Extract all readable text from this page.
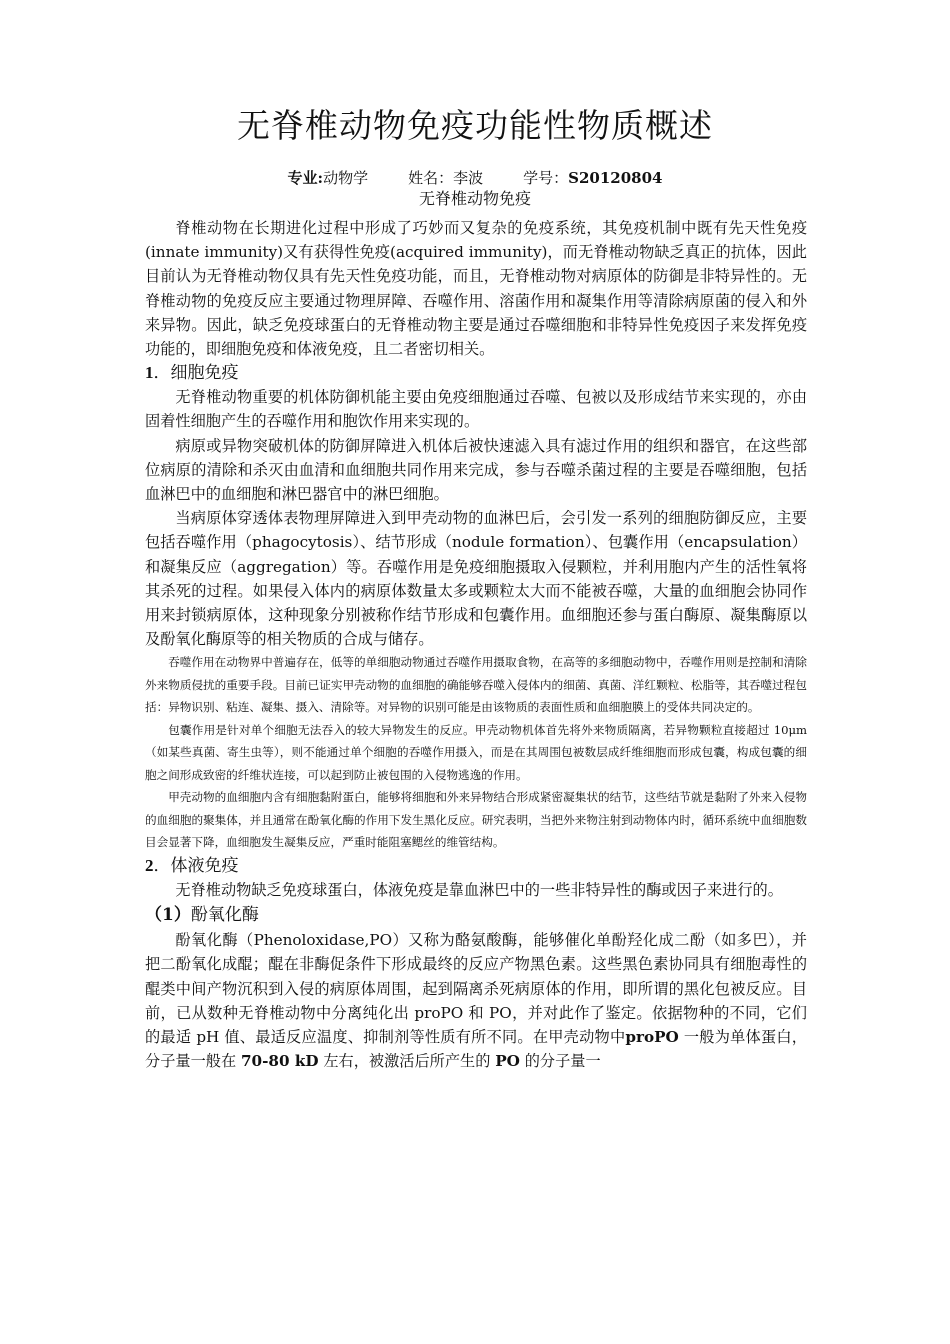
无脊椎动物免疫功能性物质概述
专业:动物学	姓名：李波	学号：S20120804
无脊椎动物免疫

脊椎动物在长期进化过程中形成了巧妙而又复杂的免疫系统，其免疫机制中既有先天性免疫(innate immunity)又有获得性免疫(acquired immunity)，而无脊椎动物缺乏真正的抗体，因此目前认为无脊椎动物仅具有先天性免疫功能，而且，无脊椎动物对病原体的防御是非特异性的。无脊椎动物的免疫反应主要通过物理屏障、吞噬作用、溶菌作用和凝集作用等清除病原菌的侵入和外来异物。因此，缺乏免疫球蛋白的无脊椎动物主要是通过吞噬细胞和非特异性免疫因子来发挥免疫功能的，即细胞免疫和体液免疫，且二者密切相关。

1．细胞免疫

无脊椎动物重要的机体防御机能主要由免疫细胞通过吞噬、包被以及形成结节来实现的，亦由固着性细胞产生的吞噬作用和胞饮作用来实现的。

病原或异物突破机体的防御屏障进入机体后被快速滤入具有滤过作用的组织和器官，在这些部位病原的清除和杀灭由血清和血细胞共同作用来完成，参与吞噬杀菌过程的主要是吞噬细胞，包括血淋巴中的血细胞和淋巴器官中的淋巴细胞。

当病原体穿透体表物理屏障进入到甲壳动物的血淋巴后，会引发一系列的细胞防御反应，主要包括吞噬作用（phagocytosis）、结节形成（nodule formation）、包囊作用（encapsulation）和凝集反应（aggregation）等。吞噬作用是免疫细胞摄取入侵颗粒，并利用胞内产生的活性氧将其杀死的过程。如果侵入体内的病原体数量太多或颗粒太大而不能被吞噬，大量的血细胞会协同作用来封锁病原体，这种现象分别被称作结节形成和包囊作用。血细胞还参与蛋白酶原、凝集酶原以及酚氧化酶原等的相关物质的合成与储存。

吞噬作用在动物界中普遍存在，低等的单细胞动物通过吞噬作用摄取食物，在高等的多细胞动物中，吞噬作用则是控制和清除外来物质侵扰的重要手段。目前已证实甲壳动物的血细胞的确能够吞噬入侵体内的细菌、真菌、洋红颗粒、松脂等，其吞噬过程包括：异物识别、粘连、凝集、摄入、清除等。对异物的识别可能是由该物质的表面性质和血细胞膜上的受体共同决定的。

包囊作用是针对单个细胞无法吞入的较大异物发生的反应。甲壳动物机体首先将外来物质隔离，若异物颗粒直接超过 10μm（如某些真菌、寄生虫等），则不能通过单个细胞的吞噬作用摄入，而是在其周围包被数层成纤维细胞而形成包囊，构成包囊的细胞之间形成致密的纤维状连接，可以起到防止被包围的入侵物逃逸的作用。

甲壳动物的血细胞内含有细胞黏附蛋白，能够将细胞和外来异物结合形成紧密凝集状的结节，这些结节就是黏附了外来入侵物的血细胞的聚集体，并且通常在酚氧化酶的作用下发生黑化反应。研究表明，当把外来物注射到动物体内时，循环系统中血细胞数目会显著下降，血细胞发生凝集反应，严重时能阻塞鳃丝的维管结构。

2．体液免疫

无脊椎动物缺乏免疫球蛋白，体液免疫是靠血淋巴中的一些非特异性的酶或因子来进行的。

（1）酚氧化酶

酚氧化酶（Phenoloxidase,PO）又称为酪氨酸酶，能够催化单酚羟化成二酚（如多巴），并把二酚氧化成醌；醌在非酶促条件下形成最终的反应产物黑色素。这些黑色素协同具有细胞毒性的醌类中间产物沉积到入侵的病原体周围，起到隔离杀死病原体的作用，即所谓的黑化包被反应。目前，已从数种无脊椎动物中分离纯化出 proPO 和 PO，并对此作了鉴定。依据物种的不同，它们的最适 pH 值、最适反应温度、抑制剂等性质有所不同。在甲壳动物中proPO 一般为单体蛋白，分子量一般在 70-80 kD 左右，被激活后所产生的 PO 的分子量一
